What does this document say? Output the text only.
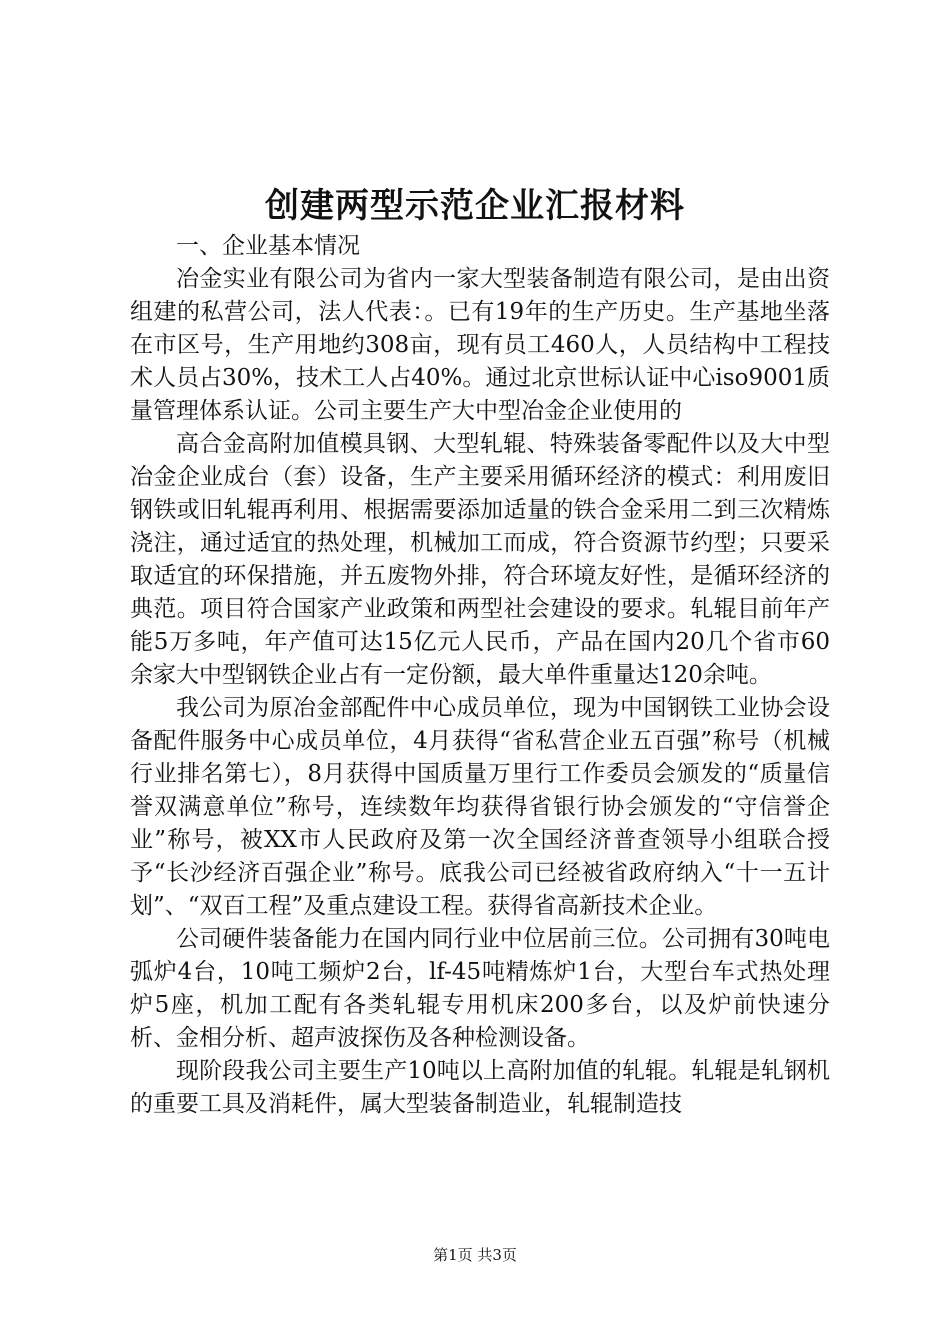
创建两型示范企业汇报材料

一、企业基本情况

冶金实业有限公司为省内一家大型装备制造有限公司，是由出资组建的私营公司，法人代表：。已有19年的生产历史。生产基地坐落在市区号，生产用地约308亩，现有员工460人，人员结构中工程技术人员占30%，技术工人占40%。通过北京世标认证中心iso9001质量管理体系认证。公司主要生产大中型冶金企业使用的

高合金高附加值模具钢、大型轧辊、特殊装备零配件以及大中型冶金企业成台（套）设备，生产主要采用循环经济的模式：利用废旧钢铁或旧轧辊再利用、根据需要添加适量的铁合金采用二到三次精炼浇注，通过适宜的热处理，机械加工而成，符合资源节约型；只要采取适宜的环保措施，并五废物外排，符合环境友好性，是循环经济的典范。项目符合国家产业政策和两型社会建设的要求。轧辊目前年产能5万多吨，年产值可达15亿元人民币，产品在国内20几个省市60余家大中型钢铁企业占有一定份额，最大单件重量达120余吨。

我公司为原冶金部配件中心成员单位，现为中国钢铁工业协会设备配件服务中心成员单位，4月获得“省私营企业五百强”称号（机械行业排名第七），8月获得中国质量万里行工作委员会颁发的“质量信誉双满意单位”称号，连续数年均获得省银行协会颁发的“守信誉企业”称号，被XX市人民政府及第一次全国经济普查领导小组联合授予“长沙经济百强企业”称号。底我公司已经被省政府纳入“十一五计划”、“双百工程”及重点建设工程。获得省高新技术企业。

公司硬件装备能力在国内同行业中位居前三位。公司拥有30吨电弧炉4台，10吨工频炉2台，lf-45吨精炼炉1台，大型台车式热处理炉5座，机加工配有各类轧辊专用机床200多台，以及炉前快速分析、金相分析、超声波探伤及各种检测设备。

现阶段我公司主要生产10吨以上高附加值的轧辊。轧辊是轧钢机的重要工具及消耗件，属大型装备制造业，轧辊制造技

第1页 共3页
